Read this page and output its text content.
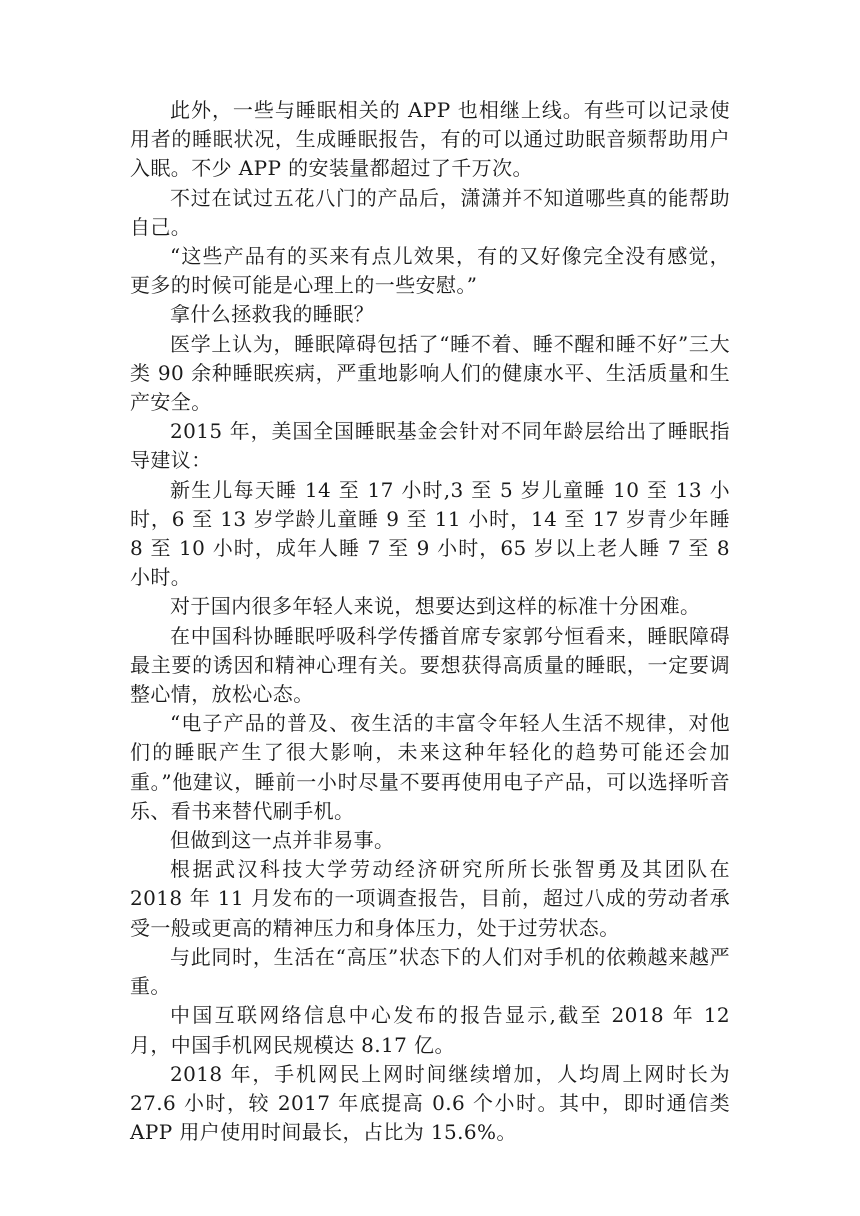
此外，一些与睡眠相关的 APP 也相继上线。有些可以记录使用者的睡眠状况，生成睡眠报告，有的可以通过助眠音频帮助用户入眠。不少 APP 的安装量都超过了千万次。

不过在试过五花八门的产品后，潇潇并不知道哪些真的能帮助自己。

“这些产品有的买来有点儿效果，有的又好像完全没有感觉，更多的时候可能是心理上的一些安慰。”

拿什么拯救我的睡眠？

医学上认为，睡眠障碍包括了“睡不着、睡不醒和睡不好”三大类 90 余种睡眠疾病，严重地影响人们的健康水平、生活质量和生产安全。

2015 年，美国全国睡眠基金会针对不同年龄层给出了睡眠指导建议：

新生儿每天睡 14 至 17 小时,3 至 5 岁儿童睡 10 至 13 小时，6 至 13 岁学龄儿童睡 9 至 11 小时，14 至 17 岁青少年睡 8 至 10 小时，成年人睡 7 至 9 小时，65 岁以上老人睡 7 至 8 小时。

对于国内很多年轻人来说，想要达到这样的标准十分困难。

在中国科协睡眠呼吸科学传播首席专家郭兮恒看来，睡眠障碍最主要的诱因和精神心理有关。要想获得高质量的睡眠，一定要调整心情，放松心态。

“电子产品的普及、夜生活的丰富令年轻人生活不规律，对他们的睡眠产生了很大影响，未来这种年轻化的趋势可能还会加重。”他建议，睡前一小时尽量不要再使用电子产品，可以选择听音乐、看书来替代刷手机。

但做到这一点并非易事。

根据武汉科技大学劳动经济研究所所长张智勇及其团队在 2018 年 11 月发布的一项调查报告，目前，超过八成的劳动者承受一般或更高的精神压力和身体压力，处于过劳状态。

与此同时，生活在“高压”状态下的人们对手机的依赖越来越严重。

中国互联网络信息中心发布的报告显示,截至 2018 年 12 月，中国手机网民规模达 8.17 亿。

2018 年，手机网民上网时间继续增加，人均周上网时长为 27.6 小时，较 2017 年底提高 0.6 个小时。其中，即时通信类 APP 用户使用时间最长，占比为 15.6%。
